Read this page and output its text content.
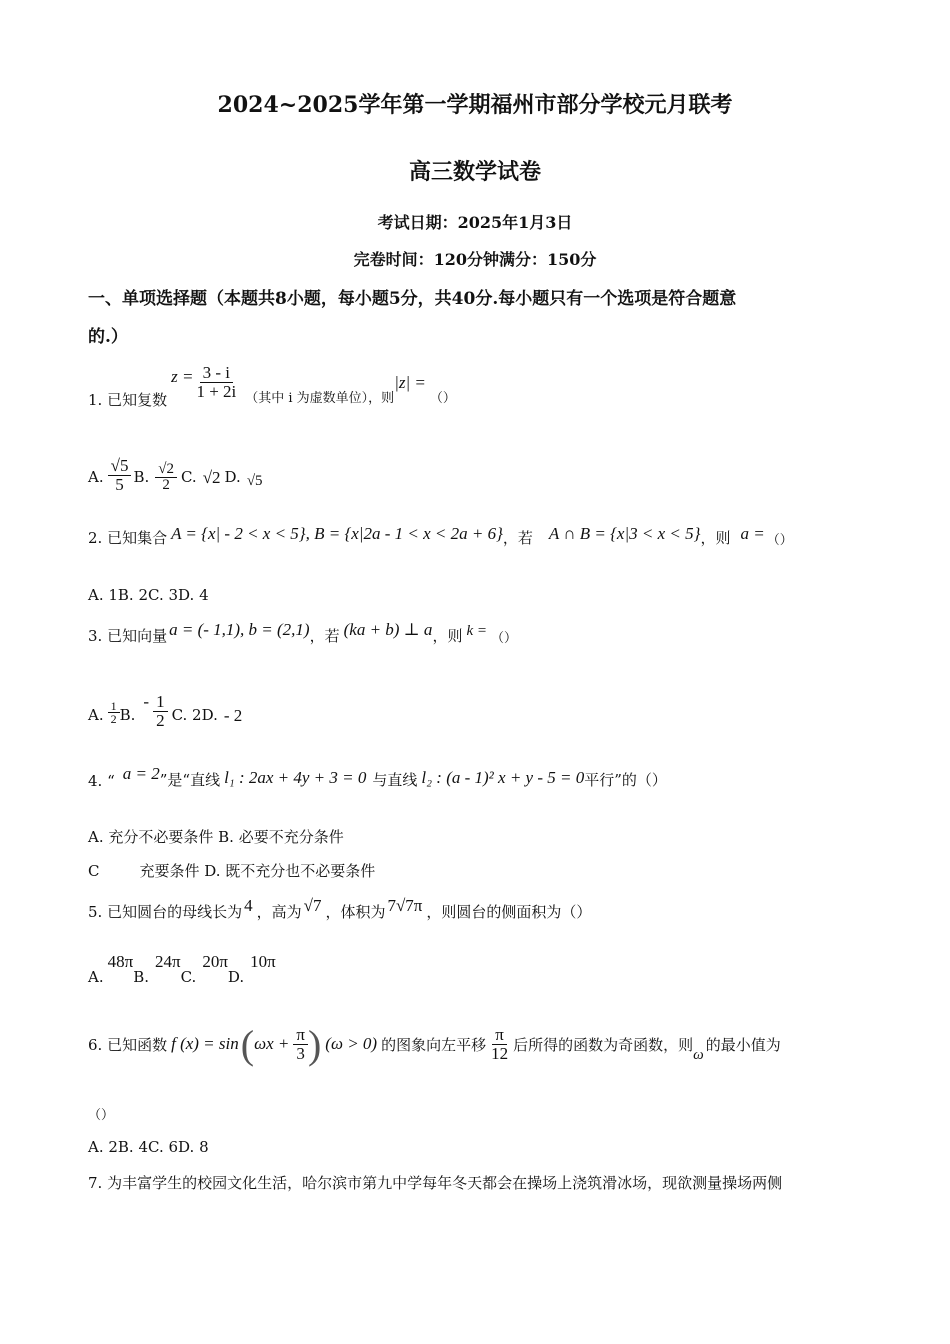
2024~2025学年第一学期福州市部分学校元月联考
高三数学试卷
考试日期：2025年1月3日
完卷时间：120分钟满分：150分
一、单项选择题（本题共8小题，每小题5分，共40分.每小题只有一个选项是符合题意
的.）
1. 已知复数
$z = \frac{3 - i}{1 + 2i}$ （其中 i 为虚数单位），则
|z| =
（）
A. $\frac{√5}{5} B$. $\frac{√2}{2} C$. √2 D. √5
2. 已知集合 A = {x| - 2 < x < 5}, B = {x|2a - 1 < x < 2a + 6} ，若 A ∩ B = {x|3 < x < 5} ，则 a = （）
A. 1B. 2C. 3D. 4
3. 已知向量 a = (- 1,1), b = (2,1) ，若 (ka + b) ⊥ a ，则 k = （）
A. $\frac{1}{2} B$.
- $\frac{1}{2} C$. 2D. - 2
4. “ a = 2 ”是“直线 l₁ : 2ax + 4y + 3 = 0 与直线 l₂ : (a - 1)² x + y - 5 = 0 平行”的（）
A. 充分不必要条件 B. 必要不充分条件
C	充要条件 D. 既不充分也不必要条件
5. 已知圆台的母线长为 4 ，高为 √7 ，体积为 7√7π ，则圆台的侧面积为（）
A.
48π
B.
24π
C.
20π
D.
10π
6. 已知函数 f (x) = sin ( $\omega x + \frac{\pi}{3}$ ) (ω > 0) 的图象向左平移 $\frac{\pi}{12}$ 后所得的函数为奇函数，则
ω
的最小值为
（）
A. 2B. 4C. 6D. 8
7. 为丰富学生的校园文化生活，哈尔滨市第九中学每年冬天都会在操场上浇筑滑冰场，现欲测量操场两侧
